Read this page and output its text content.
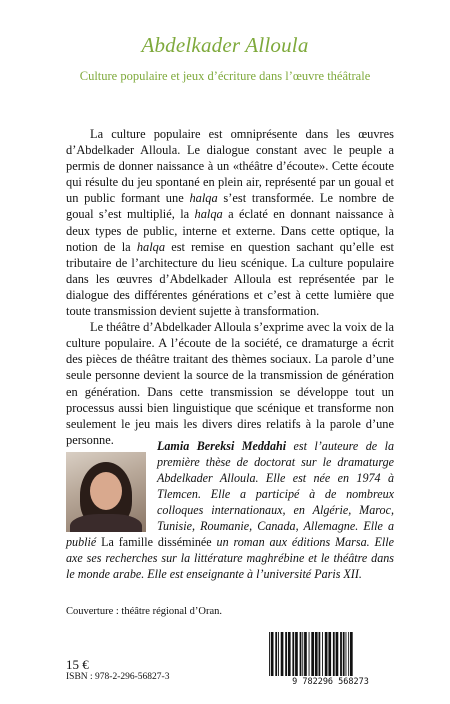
Abdelkader Alloula
Culture populaire et jeux d’écriture dans l’œuvre théâtrale

La culture populaire est omniprésente dans les œuvres d’Abdelkader Alloula. Le dialogue constant avec le peuple a permis de donner naissance à un «théâtre d’écoute». Cette écoute qui résulte du jeu spontané en plein air, représenté par un goual et un public formant une halqa s’est transformée. Le nombre de goual s’est multiplié, la halqa a éclaté en donnant naissance à deux types de public, interne et externe. Dans cette optique, la notion de la halqa est remise en question sachant qu’elle est tributaire de l’architecture du lieu scénique. La culture populaire dans les œuvres d’Abdelkader Alloula est représentée par le dialogue des différentes générations et c’est à cette lumière que toute transmission devient sujette à transformation.

Le théâtre d’Abdelkader Alloula s’exprime avec la voix de la culture populaire. A l’écoute de la société, ce dramaturge a écrit des pièces de théâtre traitant des thèmes sociaux. La parole d’une seule personne devient la source de la transmission de génération en génération. Dans cette transmission se développe tout un processus aussi bien linguistique que scénique et transforme non seulement le jeu mais les divers dires relatifs à la parole d’une personne.	Lamia Bereksi Meddahi est l’auteure de la première thèse de doctorat sur le dramaturge Abdelkader Alloula. Elle est née en 1974 à Tlemcen. Elle a participé à de nombreux colloques internationaux, en Algérie, Maroc, Tunisie, Roumanie, Canada, Allemagne. Elle a publié La famille disséminée un roman aux éditions Marsa. Elle axe ses recherches sur la littérature maghrébine et le théâtre dans le monde arabe. Elle est enseignante à l’université Paris XII.
Couverture : théâtre régional d’Oran.
15 €
ISBN : 978-2-296-56827-3	9 782296 568273
